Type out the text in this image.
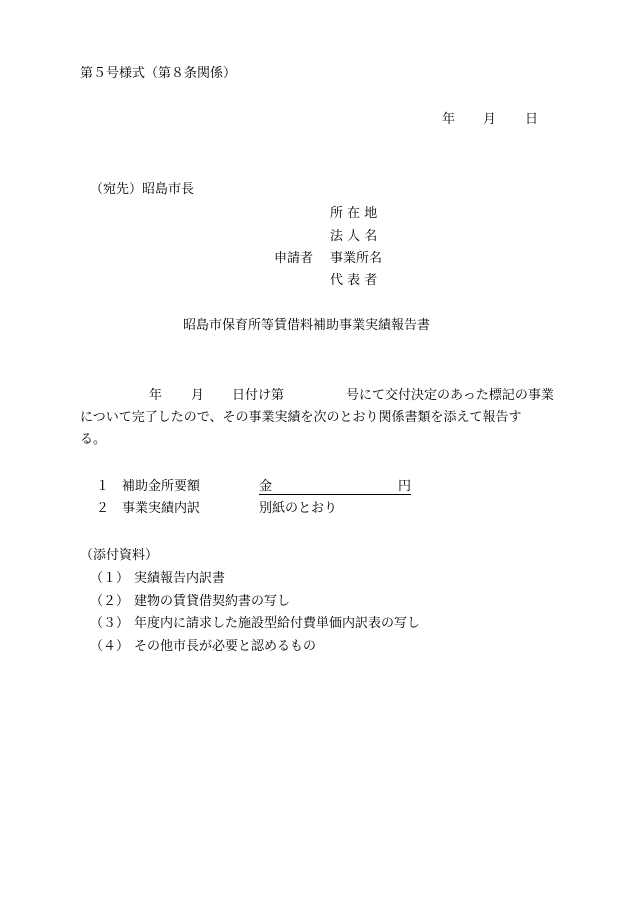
第５号様式（第８条関係）
年 月 日
（宛先）昭島市長
所 在 地
法 人 名
申請者 事業所名
代 表 者
昭島市保育所等賃借料補助事業実績報告書
年 月 日付け第	号にて交付決定のあった標記の事業
について完了したので、その事業実績を次のとおり関係書類を添えて報告す
る。
１ 補助金所要額	金	円
２ 事業実績内訳	別紙のとおり
（添付資料）
（１） 実績報告内訳書
（２） 建物の賃貸借契約書の写し
（３） 年度内に請求した施設型給付費単価内訳表の写し
（４） その他市長が必要と認めるもの
